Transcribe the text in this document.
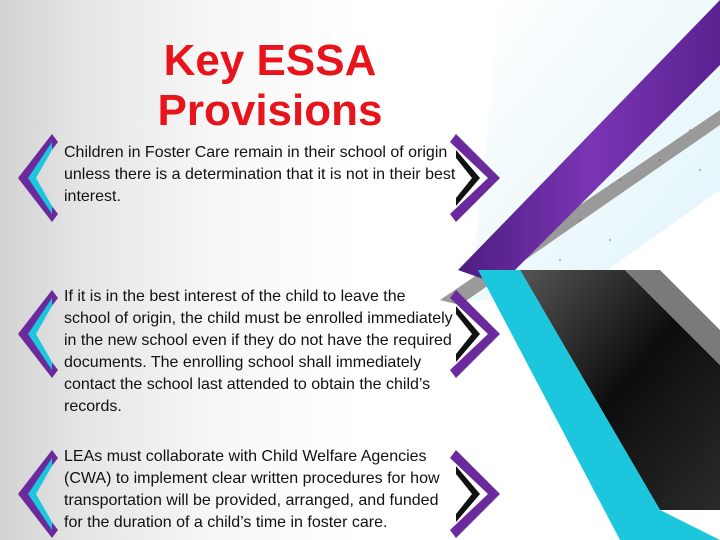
Key ESSA
Provisions

Children in Foster Care remain in their school of origin unless there is a determination that it is not in their best interest.

If it is in the best interest of the child to leave the school of origin, the child must be enrolled immediately in the new school even if they do not have the required documents. The enrolling school shall immediately contact the school last attended to obtain the child’s records.

LEAs must collaborate with Child Welfare Agencies (CWA) to implement clear written procedures for how transportation will be provided, arranged, and funded for the duration of a child’s time in foster care.
